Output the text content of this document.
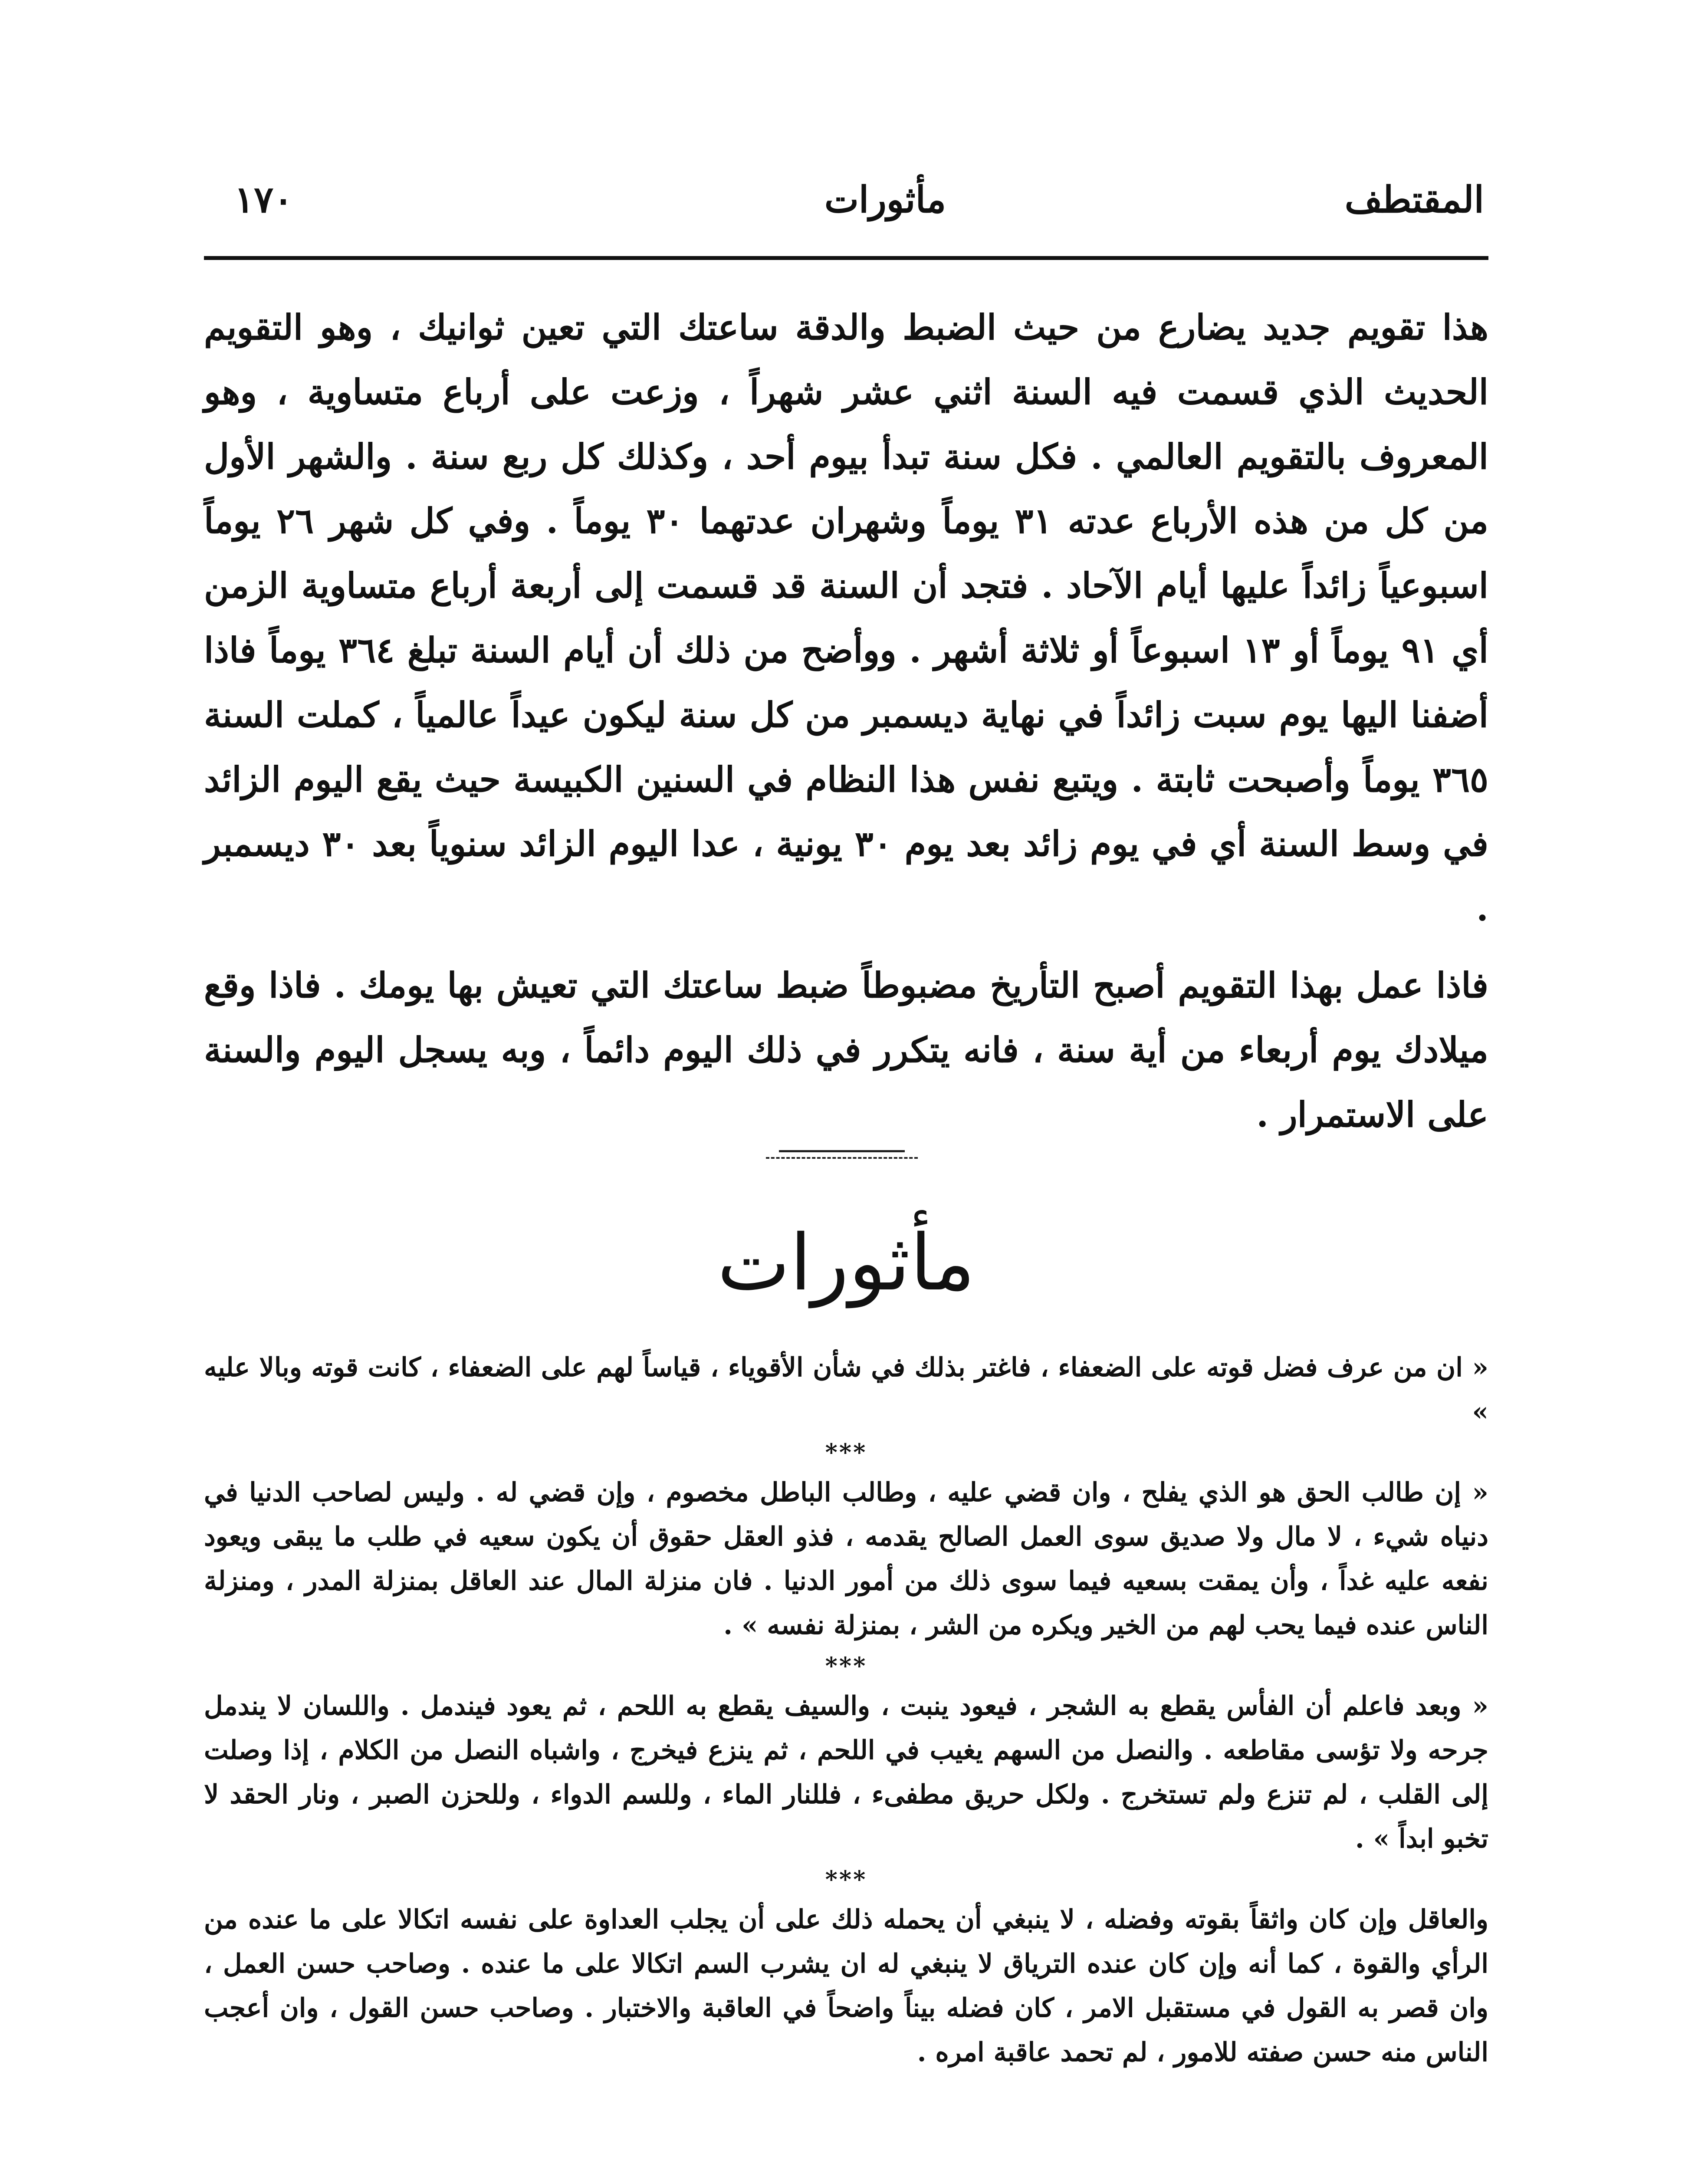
١٧٠	مأثورات	المقتطف

هذا تقويم جديد يضارع من حيث الضبط والدقة ساعتك التي تعين ثوانيك ، وهو التقويم الحديث الذي قسمت فيه السنة اثني عشر شهراً ، وزعت على أرباع متساوية ، وهو المعروف بالتقويم العالمي . فكل سنة تبدأ بيوم أحد ، وكذلك كل ربع سنة . والشهر الأول من كل من هذه الأرباع عدته ٣١ يوماً وشهران عدتهما ٣٠ يوماً . وفي كل شهر ٢٦ يوماً اسبوعياً زائداً عليها أيام الآحاد . فتجد أن السنة قد قسمت إلى أربعة أرباع متساوية الزمن أي ٩١ يوماً أو ١٣ اسبوعاً أو ثلاثة أشهر . ووأضح من ذلك أن أيام السنة تبلغ ٣٦٤ يوماً فاذا أضفنا اليها يوم سبت زائداً في نهاية ديسمبر من كل سنة ليكون عيداً عالمياً ، كملت السنة ٣٦٥ يوماً وأصبحت ثابتة . ويتبع نفس هذا النظام في السنين الكبيسة حيث يقع اليوم الزائد في وسط السنة أي في يوم زائد بعد يوم ٣٠ يونية ، عدا اليوم الزائد سنوياً بعد ٣٠ ديسمبر .

فاذا عمل بهذا التقويم أصبح التأريخ مضبوطاً ضبط ساعتك التي تعيش بها يومك . فاذا وقع ميلادك يوم أربعاء من أية سنة ، فانه يتكرر في ذلك اليوم دائماً ، وبه يسجل اليوم والسنة على الاستمرار .

مأثورات

« ان من عرف فضل قوته على الضعفاء ، فاغتر بذلك في شأن الأقوياء ، قياساً لهم على الضعفاء ، كانت قوته وبالا عليه »

***

« إن طالب الحق هو الذي يفلح ، وان قضي عليه ، وطالب الباطل مخصوم ، وإن قضي له . وليس لصاحب الدنيا في دنياه شيء ، لا مال ولا صديق سوى العمل الصالح يقدمه ، فذو العقل حقوق أن يكون سعيه في طلب ما يبقى ويعود نفعه عليه غداً ، وأن يمقت بسعيه فيما سوى ذلك من أمور الدنيا . فان منزلة المال عند العاقل بمنزلة المدر ، ومنزلة الناس عنده فيما يحب لهم من الخير ويكره من الشر ، بمنزلة نفسه » .

***

« وبعد فاعلم أن الفأس يقطع به الشجر ، فيعود ينبت ، والسيف يقطع به اللحم ، ثم يعود فيندمل . واللسان لا يندمل جرحه ولا تؤسى مقاطعه . والنصل من السهم يغيب في اللحم ، ثم ينزع فيخرج ، واشباه النصل من الكلام ، إذا وصلت إلى القلب ، لم تنزع ولم تستخرج . ولكل حريق مطفىء ، فللنار الماء ، وللسم الدواء ، وللحزن الصبر ، ونار الحقد لا تخبو ابداً » .

***

والعاقل وإن كان واثقاً بقوته وفضله ، لا ينبغي أن يحمله ذلك على أن يجلب العداوة على نفسه اتكالا على ما عنده من الرأي والقوة ، كما أنه وإن كان عنده الترياق لا ينبغي له ان يشرب السم اتكالا على ما عنده . وصاحب حسن العمل ، وان قصر به القول في مستقبل الامر ، كان فضله بيناً واضحاً في العاقبة والاختبار . وصاحب حسن القول ، وان أعجب الناس منه حسن صفته للامور ، لم تحمد عاقبة امره .
